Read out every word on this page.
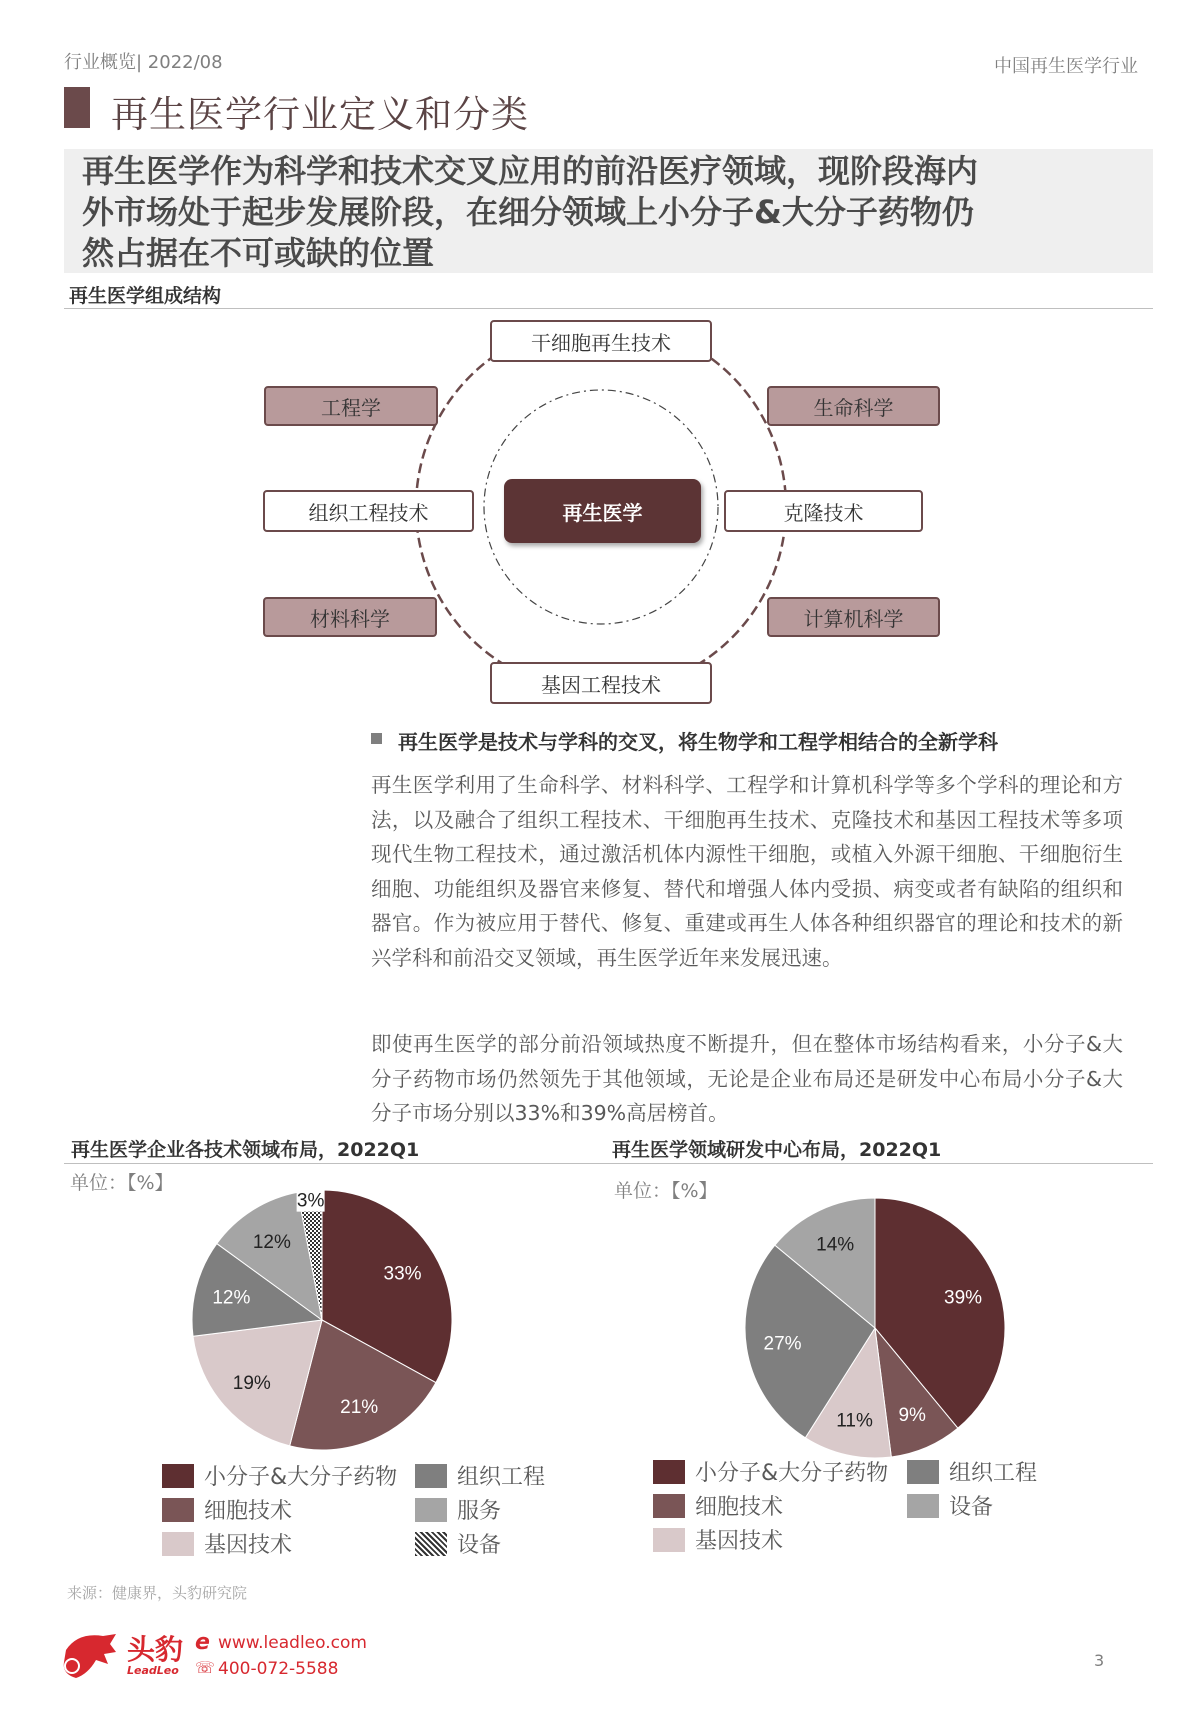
行业概览| 2022/08	中国再生医学行业
再生医学行业定义和分类
再生医学作为科学和技术交叉应用的前沿医疗领域，现阶段海内
外市场处于起步发展阶段，在细分领域上小分子&大分子药物仍
然占据在不可或缺的位置
再生医学组成结构
干细胞再生技术
工程学	生命科学
组织工程技术	再生医学	克隆技术
材料科学	计算机科学
基因工程技术
再生医学是技术与学科的交叉，将生物学和工程学相结合的全新学科
再生医学利用了生命科学、材料科学、工程学和计算机科学等多个学科的理论和方法，以及融合了组织工程技术、干细胞再生技术、克隆技术和基因工程技术等多项现代生物工程技术，通过激活机体内源性干细胞，或植入外源干细胞、干细胞衍生细胞、功能组织及器官来修复、替代和增强人体内受损、病变或者有缺陷的组织和器官。作为被应用于替代、修复、重建或再生人体各种组织器官的理论和技术的新兴学科和前沿交叉领域，再生医学近年来发展迅速。
即使再生医学的部分前沿领域热度不断提升，但在整体市场结构看来，小分子&大分子药物市场仍然领先于其他领域，无论是企业布局还是研发中心布局小分子&大分子市场分别以33%和39%高居榜首。
再生医学企业各技术领域布局，2022Q1	再生医学领域研发中心布局，2022Q1
单位：【%】	单位：【%】
33%
21%
19%
12%
12%
3%
39%
9%
11%
27%
14%
小分子&大分子药物	组织工程
细胞技术	服务
基因技术	设备
小分子&大分子药物	组织工程
细胞技术	设备
基因技术
来源：健康界，头豹研究院
头豹
LeadLeo
e www.leadleo.com
☏ 400-072-5588	3
